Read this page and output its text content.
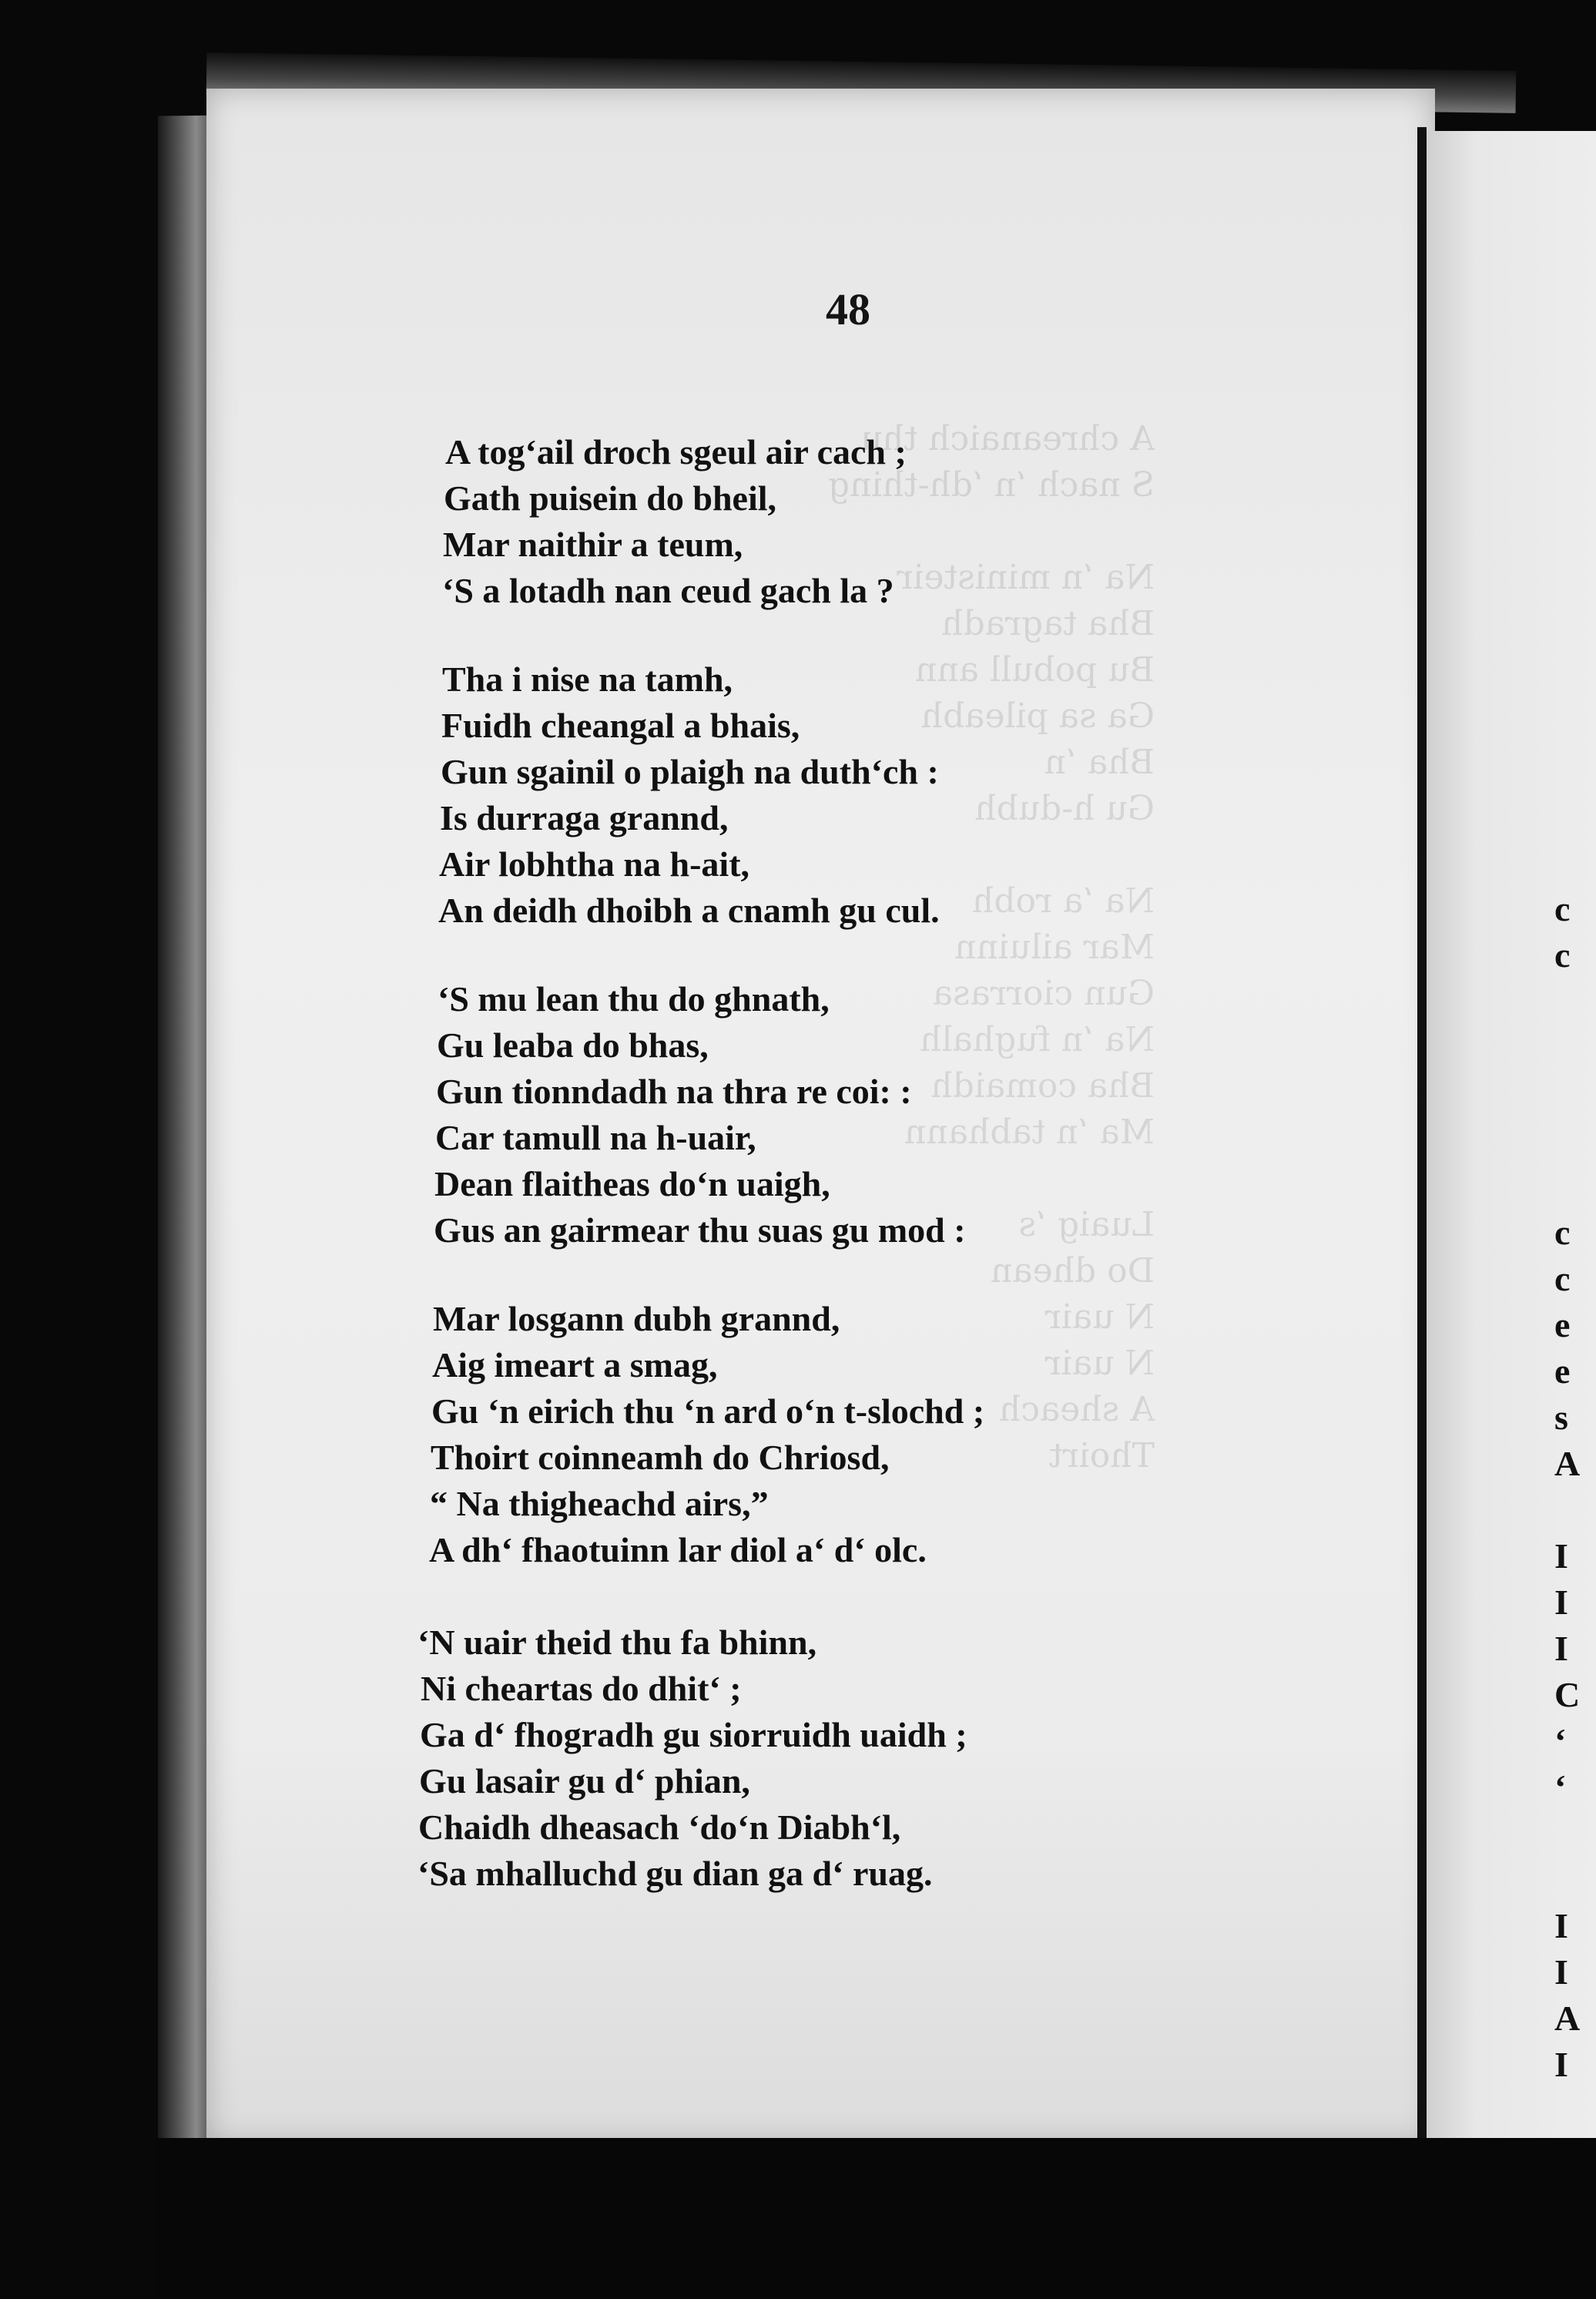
A chreanaich thu
S nach ‘n ‘dh-thing

Na ‘n ministeir
Bha tagradh
Bu pobull ann
Ga sa pileabh
Bha ‘n
Gu h-dubh

Na ‘a robh
Mar ailuinn
Gun ciorrasa
Na ‘n fughalh
Bha comaidh
Ma ‘n tabhann

Luaig ‘s
Do dhean
N uair
N uair
A sheach
Thoirt
c
c
c
c
e
e
s
A
I
I
I
C
‘
‘
I
I
A
I
48
A tog‘ail droch sgeul air cach ;
Gath puisein do bheil,
Mar naithir a teum,
‘S a lotadh nan ceud gach la ?
Tha i nise na tamh,
Fuidh cheangal a bhais,
Gun sgainil o plaigh na duth‘ch :
Is durraga grannd,
Air lobhtha na h-ait,
An deidh dhoibh a cnamh gu cul.
‘S mu lean thu do ghnath,
Gu leaba do bhas,
Gun tionndadh na thra re coi: :
Car tamull na h-uair,
Dean flaitheas do‘n uaigh,
Gus an gairmear thu suas gu mod :
Mar losgann dubh grannd,
Aig imeart a smag,
Gu ‘n eirich thu ‘n ard o‘n t-slochd ;
Thoirt coinneamh do Chriosd,
“ Na thigheachd airs,”
A dh‘ fhaotuinn lar diol a‘ d‘ olc.
‘N uair theid thu fa bhinn,
Ni cheartas do dhit‘ ;
Ga d‘ fhogradh gu siorruidh uaidh ;
Gu lasair gu d‘ phian,
Chaidh dheasach ‘do‘n Diabh‘l,
‘Sa mhalluchd gu dian ga d‘ ruag.
